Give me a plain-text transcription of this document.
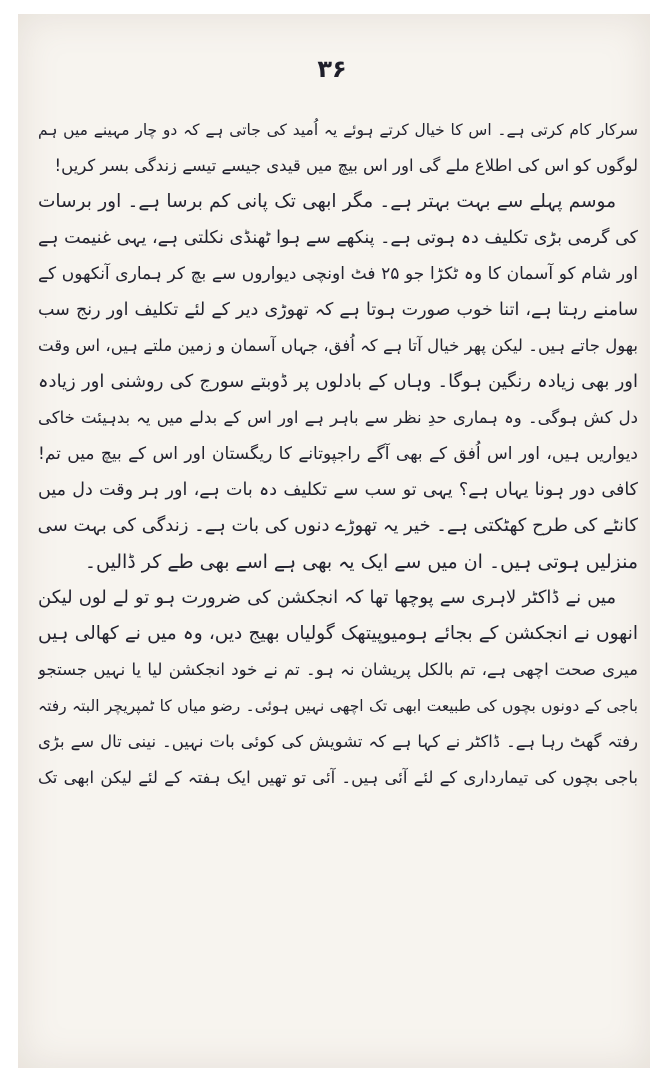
۳۶
سرکار کام کرتی ہے۔ اس کا خیال کرتے ہوئے یہ اُمید کی جاتی ہے کہ دو چار مہینے میں ہم
لوگوں کو اس کی اطلاع ملے گی اور اس بیچ میں قیدی جیسے تیسے زندگی بسر کریں!
موسم پہلے سے بہت بہتر ہے۔ مگر ابھی تک پانی کم برسا ہے۔ اور برسات
کی گرمی بڑی تکلیف دہ ہوتی ہے۔ پنکھے سے ہوا ٹھنڈی نکلتی ہے، یہی غنیمت ہے
اور شام کو آسمان کا وہ ٹکڑا جو ۲۵ فٹ اونچی دیواروں سے بچ کر ہماری آنکھوں کے
سامنے رہتا ہے، اتنا خوب صورت ہوتا ہے کہ تھوڑی دیر کے لئے تکلیف اور رنج سب
بھول جاتے ہیں۔ لیکن پھر خیال آتا ہے کہ اُفق، جہاں آسمان و زمین ملتے ہیں، اس وقت
اور بھی زیادہ رنگین ہوگا۔ وہاں کے بادلوں پر ڈوبتے سورج کی روشنی اور زیادہ
دل کش ہوگی۔ وہ ہماری حدِ نظر سے باہر ہے اور اس کے بدلے میں یہ بدہیئت خاکی
دیواریں ہیں، اور اس اُفق کے بھی آگے راجپوتانے کا ریگستان اور اس کے بیچ میں تم!
کافی دور ہونا یہاں ہے؟ یہی تو سب سے تکلیف دہ بات ہے، اور ہر وقت دل میں
کانٹے کی طرح کھٹکتی ہے۔ خیر یہ تھوڑے دنوں کی بات ہے۔ زندگی کی بہت سی
منزلیں ہوتی ہیں۔ ان میں سے ایک یہ بھی ہے اسے بھی طے کر ڈالیں۔
میں نے ڈاکٹر لاہری سے پوچھا تھا کہ انجکشن کی ضرورت ہو تو لے لوں لیکن
انھوں نے انجکشن کے بجائے ہومیوپیتھک گولیاں بھیج دیں، وہ میں نے کھالی ہیں
میری صحت اچھی ہے، تم بالکل پریشان نہ ہو۔ تم نے خود انجکشن لیا یا نہیں جستجو
باجی کے دونوں بچوں کی طبیعت ابھی تک اچھی نہیں ہوئی۔ رضو میاں کا ٹمپریچر البتہ رفتہ
رفتہ گھٹ رہا ہے۔ ڈاکٹر نے کہا ہے کہ تشویش کی کوئی بات نہیں۔ نینی تال سے بڑی
باجی بچوں کی تیمارداری کے لئے آئی ہیں۔ آئی تو تھیں ایک ہفتہ کے لئے لیکن ابھی تک
